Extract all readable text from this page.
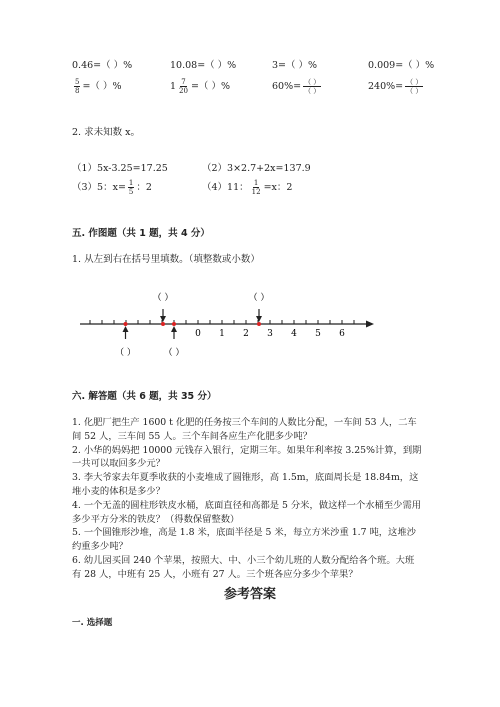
0.46=（ ）%	10.08=（ ）%	3=（ ）%	0.009=（ ）%
$\frac{5}{8}$ =（ ）%	$1 \frac{7}{20}$ =（ ）%	$60\%= \frac{( )}{( )}$	$240\%= \frac{( )}{( )}$
2. 求未知数 x。
（1）5x-3.25=17.25	（2）3×2.7+2x=137.9
（3）5：$x= \frac{1}{5}$ ：2	（4）11： $\frac{1}{12} =x$：2
五. 作图题（共 1 题，共 4 分）
1. 从左到右在括号里填数。（填整数或小数）
（ ）	（ ）
（ ）	（ ）
0 1 2 3 4 5 6
六. 解答题（共 6 题，共 35 分）
1. 化肥厂把生产 1600 t 化肥的任务按三个车间的人数比分配，一车间 53 人，二车间 52 人，三车间 55 人。三个车间各应生产化肥多少吨？
2. 小华的妈妈把 10000 元钱存入银行，定期三年。如果年利率按 3.25%计算，到期一共可以取回多少元？
3. 李大爷家去年夏季收获的小麦堆成了圆锥形，高 1.5m，底面周长是 18.84m，这堆小麦的体积是多少？
4. 一个无盖的圆柱形铁皮水桶，底面直径和高都是 5 分米，做这样一个水桶至少需用多少平方分米的铁皮？（得数保留整数）
5. 一个圆锥形沙堆，高是 1.8 米，底面半径是 5 米，每立方米沙重 1.7 吨，这堆沙约重多少吨？
6. 幼儿园买回 240 个苹果，按照大、中、小三个幼儿班的人数分配给各个班。大班有 28 人，中班有 25 人，小班有 27 人。三个班各应分多少个苹果？
参考答案
一. 选择题
